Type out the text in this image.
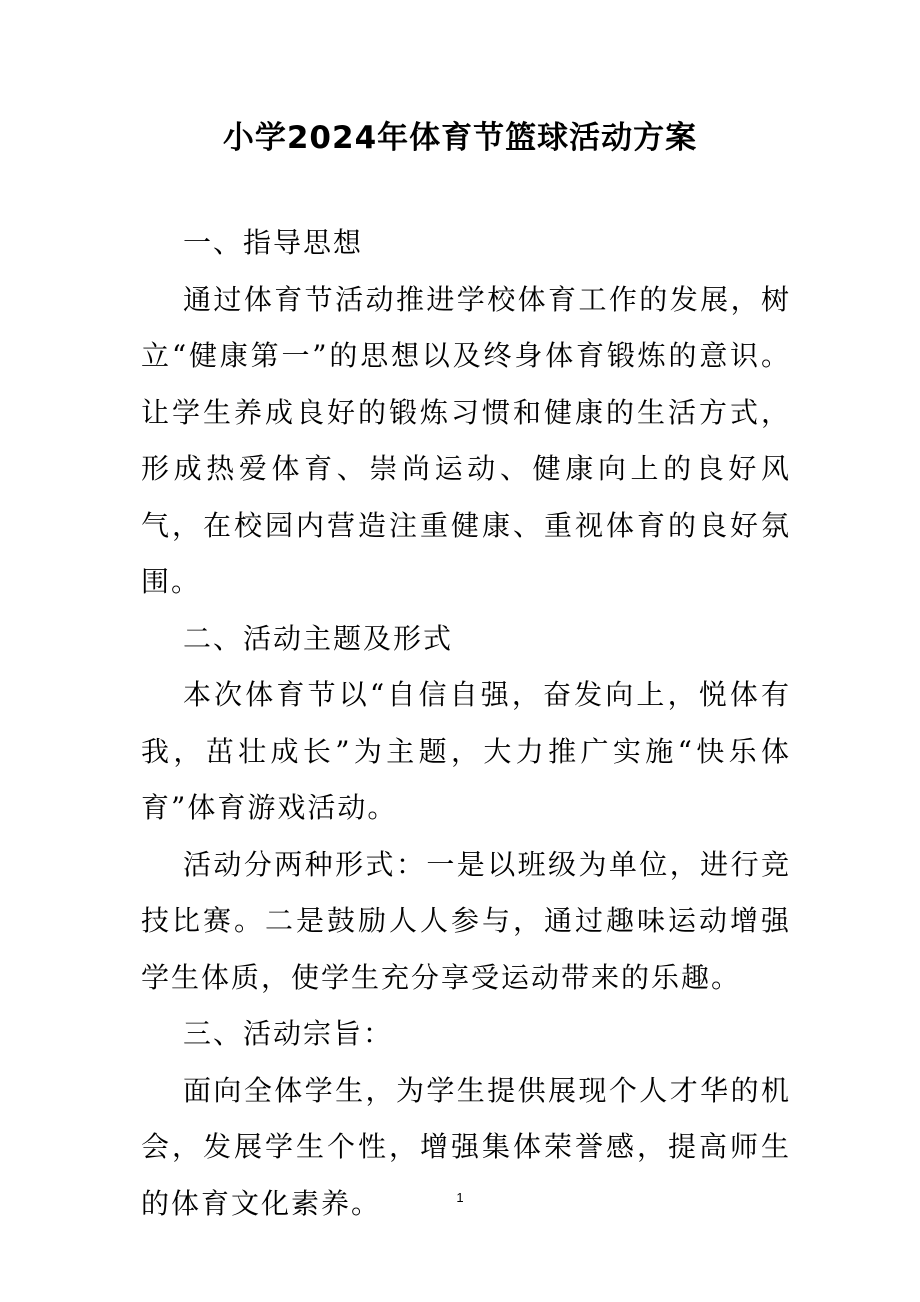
小学2024年体育节篮球活动方案

一、指导思想

通过体育节活动推进学校体育工作的发展，树立“健康第一”的思想以及终身体育锻炼的意识。让学生养成良好的锻炼习惯和健康的生活方式，形成热爱体育、崇尚运动、健康向上的良好风气，在校园内营造注重健康、重视体育的良好氛围。

二、活动主题及形式

本次体育节以“自信自强，奋发向上，悦体有我，茁壮成长”为主题，大力推广实施“快乐体育”体育游戏活动。

活动分两种形式：一是以班级为单位，进行竞技比赛。二是鼓励人人参与，通过趣味运动增强学生体质，使学生充分享受运动带来的乐趣。

三、活动宗旨：

面向全体学生，为学生提供展现个人才华的机会，发展学生个性，增强集体荣誉感，提高师生的体育文化素养。	1
